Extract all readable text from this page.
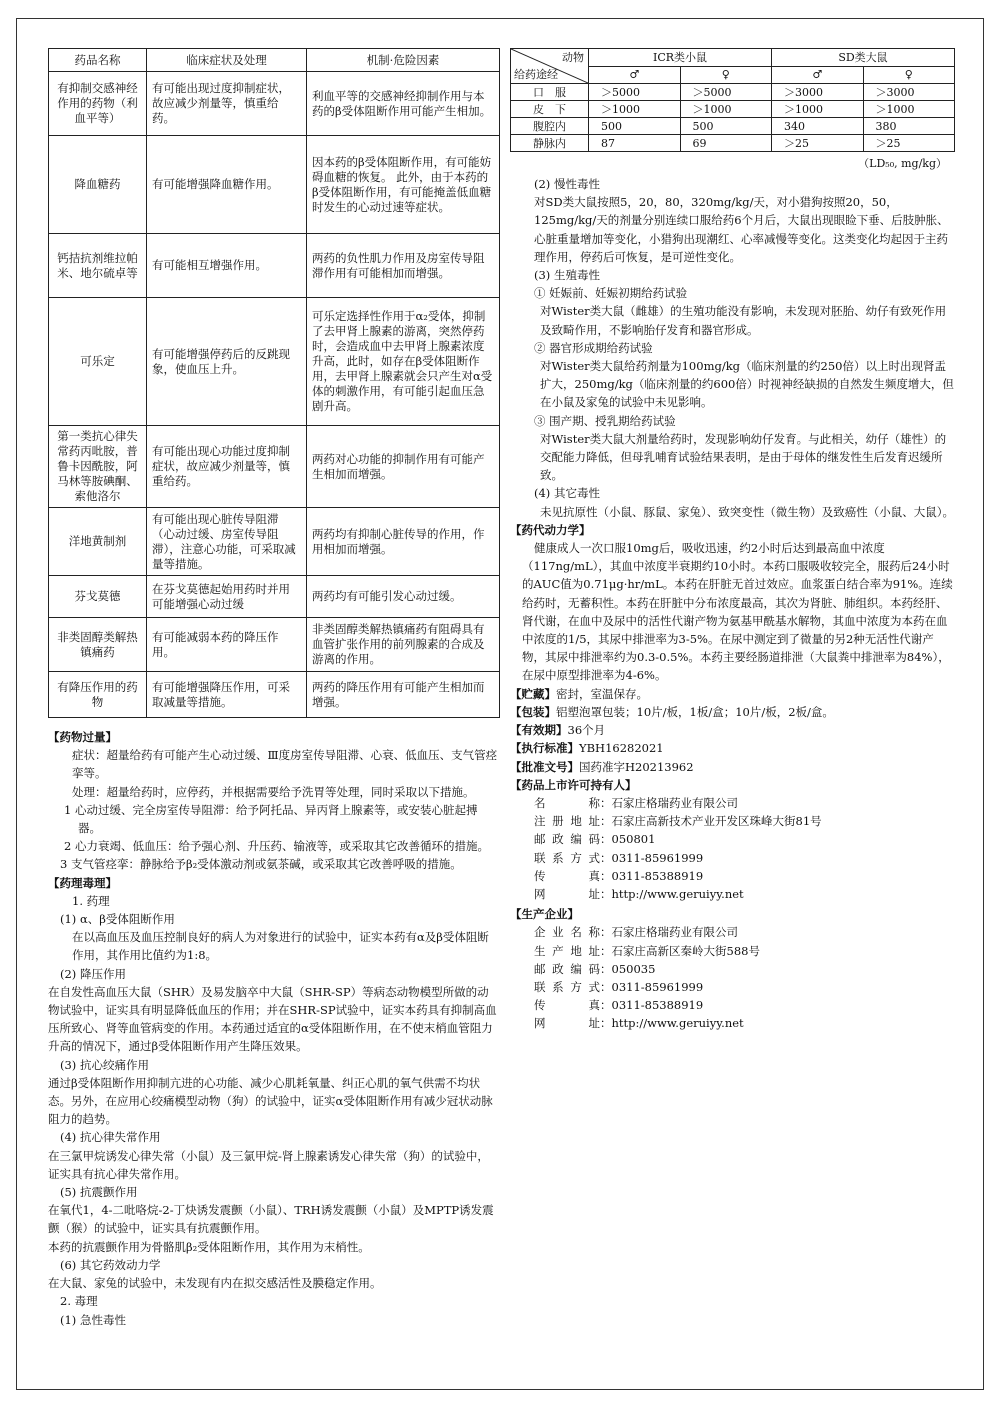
药品名称	临床症状及处理	机制·危险因素
有抑制交感神经作用的药物（利血平等）	有可能出现过度抑制症状，故应减少剂量等，慎重给药。	利血平等的交感神经抑制作用与本药的β受体阻断作用可能产生相加。
降血糖药	有可能增强降血糖作用。	因本药的β受体阻断作用，有可能妨碍血糖的恢复。 此外，由于本药的β受体阻断作用，有可能掩盖低血糖时发生的心动过速等症状。
钙拮抗剂维拉帕米、地尔硫卓等	有可能相互增强作用。	两药的负性肌力作用及房室传导阻滞作用有可能相加而增强。
可乐定	有可能增强停药后的反跳现象，使血压上升。	可乐定选择性作用于α₂受体，抑制了去甲肾上腺素的游离，突然停药时，会造成血中去甲肾上腺素浓度升高，此时，如存在β受体阻断作用，去甲肾上腺素就会只产生对α受体的刺激作用，有可能引起血压急剧升高。
第一类抗心律失常药丙吡胺，普鲁卡因酰胺，阿马林等胺碘酮、索他洛尔	有可能出现心功能过度抑制症状，故应减少剂量等，慎重给药。	两药对心功能的抑制作用有可能产生相加而增强。
洋地黄制剂	有可能出现心脏传导阻滞（心动过缓、房室传导阻滞），注意心功能，可采取减量等措施。	两药均有抑制心脏传导的作用，作用相加而增强。
芬戈莫德	在芬戈莫德起始用药时并用可能增强心动过缓	两药均有可能引发心动过缓。
非类固醇类解热镇痛药	有可能减弱本药的降压作用。	非类固醇类解热镇痛药有阻碍具有血管扩张作用的前列腺素的合成及游离的作用。
有降压作用的药物	有可能增强降压作用，可采取减量等措施。	两药的降压作用有可能产生相加而增强。

【药物过量】

症状：超量给药有可能产生心动过缓、Ⅲ度房室传导阻滞、心衰、低血压、支气管痉挛等。

处理：超量给药时，应停药，并根据需要给予洗胃等处理，同时采取以下措施。

1 心动过缓、完全房室传导阻滞：给予阿托品、异丙肾上腺素等，或安装心脏起搏器。

2 心力衰竭、低血压：给予强心剂、升压药、输液等，或采取其它改善循环的措施。

3 支气管痉挛：静脉给予β₂受体激动剂或氨茶碱，或采取其它改善呼吸的措施。

【药理毒理】

1. 药理

(1) α、β受体阻断作用

在以高血压及血压控制良好的病人为对象进行的试验中，证实本药有α及β受体阻断作用，其作用比值约为1:8。

(2) 降压作用

在自发性高血压大鼠（SHR）及易发脑卒中大鼠（SHR-SP）等病态动物模型所做的动物试验中，证实具有明显降低血压的作用；并在SHR-SP试验中，证实本药具有抑制高血压所致心、肾等血管病变的作用。本药通过适宜的α受体阻断作用，在不使末梢血管阻力升高的情况下，通过β受体阻断作用产生降压效果。

(3) 抗心绞痛作用

通过β受体阻断作用抑制亢进的心功能、减少心肌耗氧量、纠正心肌的氧气供需不均状态。另外，在应用心绞痛模型动物（狗）的试验中，证实α受体阻断作用有减少冠状动脉阻力的趋势。

(4) 抗心律失常作用

在三氯甲烷诱发心律失常（小鼠）及三氯甲烷-肾上腺素诱发心律失常（狗）的试验中，证实具有抗心律失常作用。

(5) 抗震颤作用

在氧代1，4-二吡咯烷-2-丁炔诱发震颤（小鼠）、TRH诱发震颤（小鼠）及MPTP诱发震颤（猴）的试验中，证实具有抗震颤作用。

本药的抗震颤作用为骨骼肌β₂受体阻断作用，其作用为末梢性。

(6) 其它药效动力学

在大鼠、家兔的试验中，未发现有内在拟交感活性及膜稳定作用。

2. 毒理

(1) 急性毒性

动物
给药途经	ICR类小鼠		SD类大鼠	
	♂	♀	♂	♀
口　服	＞5000	＞5000	＞3000	＞3000
皮　下	＞1000	＞1000	＞1000	＞1000
腹腔内	500	500	340	380
静脉内	87	69	＞25	＞25
（LD₅₀, mg/kg）

(2) 慢性毒性

对SD类大鼠按照5，20，80，320mg/kg/天，对小猎狗按照20，50，125mg/kg/天的剂量分别连续口服给药6个月后，大鼠出现眼睑下垂、后肢肿胀、心脏重量增加等变化，小猎狗出现潮红、心率减慢等变化。这类变化均起因于主药理作用，停药后可恢复，是可逆性变化。

(3) 生殖毒性

① 妊娠前、妊娠初期给药试验

对Wister类大鼠（雌雄）的生殖功能没有影响，未发现对胚胎、幼仔有致死作用及致畸作用，不影响胎仔发育和器官形成。

② 器官形成期给药试验

对Wister类大鼠给药剂量为100mg/kg（临床剂量的约250倍）以上时出现肾盂扩大，250mg/kg（临床剂量的约600倍）时视神经缺损的自然发生频度增大，但在小鼠及家兔的试验中未见影响。

③ 围产期、授乳期给药试验

对Wister类大鼠大剂量给药时，发现影响幼仔发育。与此相关，幼仔（雄性）的交配能力降低，但母乳哺育试验结果表明，是由于母体的继发性生后发育迟缓所致。

(4) 其它毒性

未见抗原性（小鼠、豚鼠、家兔）、致突变性（微生物）及致癌性（小鼠、大鼠）。

【药代动力学】

健康成人一次口服10mg后，吸收迅速，约2小时后达到最高血中浓度（117ng/mL），其血中浓度半衰期约10小时。本药口服吸收较完全，服药后24小时的AUC值为0.71μg·hr/mL。本药在肝脏无首过效应。血浆蛋白结合率为91%。连续给药时，无蓄积性。本药在肝脏中分布浓度最高，其次为肾脏、肺组织。本药经肝、肾代谢，在血中及尿中的活性代谢产物为氨基甲酰基水解物，其血中浓度为本药在血中浓度的1/5，其尿中排泄率为3-5%。在尿中测定到了微量的另2种无活性代谢产物，其尿中排泄率约为0.3-0.5%。本药主要经肠道排泄（大鼠粪中排泄率为84%），在尿中原型排泄率为4-6%。

【贮藏】密封，室温保存。

【包装】铝塑泡罩包装；10片/板，1板/盒；10片/板，2板/盒。

【有效期】36个月

【执行标准】YBH16282021

【批准文号】国药准字H20213962

【药品上市许可持有人】

名称 ： 石家庄格瑞药业有限公司
注册地址 ： 石家庄高新技术产业开发区珠峰大街81号
邮政编码 ： 050801
联系方式 ： 0311-85961999
传真 ： 0311-85388919
网址 ： http://www.geruiyy.net

【生产企业】

企业名称 ： 石家庄格瑞药业有限公司
生产地址 ： 石家庄高新区秦岭大街588号
邮政编码 ： 050035
联系方式 ： 0311-85961999
传真 ： 0311-85388919
网址 ： http://www.geruiyy.net
